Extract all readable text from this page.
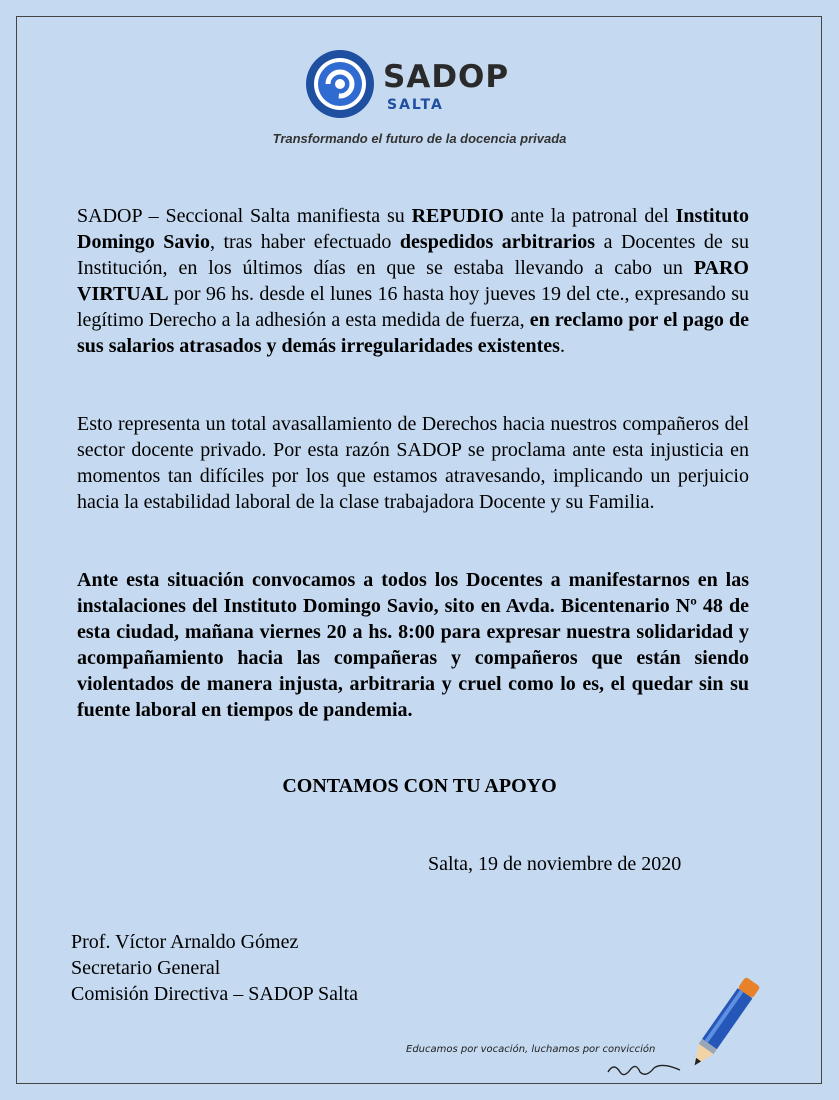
SADOP
SALTA
Transformando el futuro de la docencia privada

SADOP – Seccional Salta manifiesta su REPUDIO ante la patronal del Instituto Domingo Savio, tras haber efectuado despedidos arbitrarios a Docentes de su Institución, en los últimos días en que se estaba llevando a cabo un PARO VIRTUAL por 96 hs. desde el lunes 16 hasta hoy jueves 19 del cte., expresando su legítimo Derecho a la adhesión a esta medida de fuerza, en reclamo por el pago de sus salarios atrasados y demás irregularidades existentes.

Esto representa un total avasallamiento de Derechos hacia nuestros compañeros del sector docente privado. Por esta razón SADOP se proclama ante esta injusticia en momentos tan difíciles por los que estamos atravesando, implicando un perjuicio hacia la estabilidad laboral de la clase trabajadora Docente y su Familia.

Ante esta situación convocamos a todos los Docentes a manifestarnos en las instalaciones del Instituto Domingo Savio, sito en Avda. Bicentenario Nº 48 de esta ciudad, mañana viernes 20 a hs. 8:00 para expresar nuestra solidaridad y acompañamiento hacia las compañeras y compañeros que están siendo violentados de manera injusta, arbitraria y cruel como lo es, el quedar sin su fuente laboral en tiempos de pandemia.

CONTAMOS CON TU APOYO
Salta, 19 de noviembre de 2020
Prof. Víctor Arnaldo Gómez
Secretario General
Comisión Directiva – SADOP Salta
Educamos por vocación, luchamos por convicción
